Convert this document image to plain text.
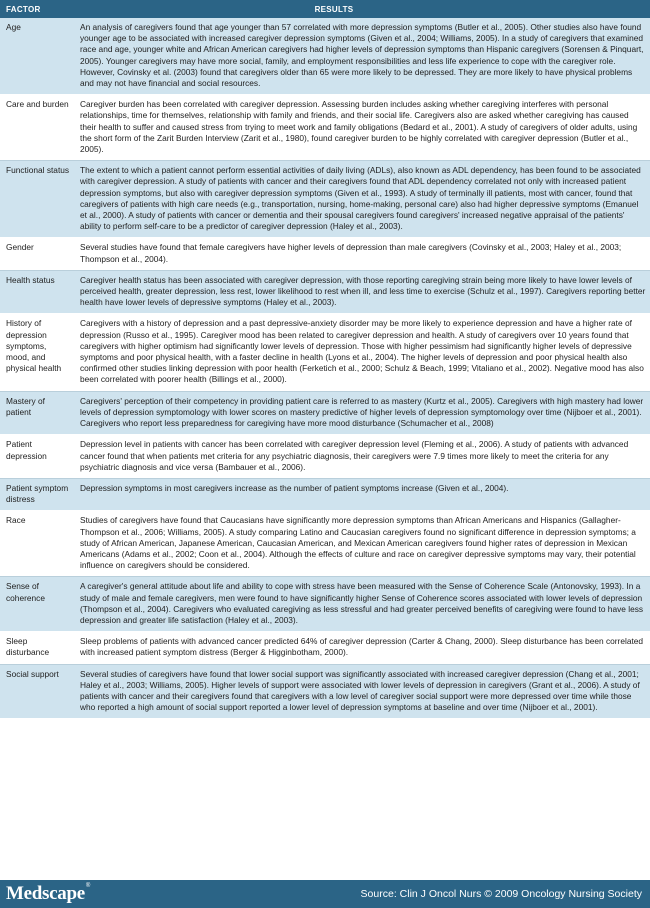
FACTOR	RESULTS
Age	An analysis of caregivers found that age younger than 57 correlated with more depression symptoms (Butler et al., 2005). Other studies also have found younger age to be associated with increased caregiver depression symptoms (Given et al., 2004; Williams, 2005). In a study of caregivers that examined race and age, younger white and African American caregivers had higher levels of depression symptoms than Hispanic caregivers (Sorensen & Pinquart, 2005). Younger caregivers may have more social, family, and employment responsibilities and less life experience to cope with the caregiver role. However, Covinsky et al. (2003) found that caregivers older than 65 were more likely to be depressed. They are more likely to have physical problems and may not have financial and social resources.
Care and burden	Caregiver burden has been correlated with caregiver depression. Assessing burden includes asking whether caregiving interferes with personal relationships, time for themselves, relationship with family and friends, and their social life. Caregivers also are asked whether caregiving has caused their health to suffer and caused stress from trying to meet work and family obligations (Bedard et al., 2001). A study of caregivers of older adults, using the short form of the Zarit Burden Interview (Zarit et al., 1980), found caregiver burden to be highly correlated with caregiver depression (Butler et al., 2005).
Functional status	The extent to which a patient cannot perform essential activities of daily living (ADLs), also known as ADL dependency, has been found to be associated with caregiver depression. A study of patients with cancer and their caregivers found that ADL dependency correlated not only with increased patient depression symptoms, but also with caregiver depression symptoms (Given et al., 1993). A study of terminally ill patients, most with cancer, found that caregivers of patients with high care needs (e.g., transportation, nursing, home-making, personal care) also had higher depressive symptoms (Emanuel et al., 2000). A study of patients with cancer or dementia and their spousal caregivers found caregivers' increased negative appraisal of the patients' ability to perform self-care to be a predictor of caregiver depression (Haley et al., 2003).
Gender	Several studies have found that female caregivers have higher levels of depression than male caregivers (Covinsky et al., 2003; Haley et al., 2003; Thompson et al., 2004).
Health status	Caregiver health status has been associated with caregiver depression, with those reporting caregiving strain being more likely to have lower levels of perceived health, greater depression, less rest, lower likelihood to rest when ill, and less time to exercise (Schulz et al., 1997). Caregivers reporting better health have lower levels of depressive symptoms (Haley et al., 2003).
History of depression symptoms, mood, and physical health	Caregivers with a history of depression and a past depressive-anxiety disorder may be more likely to experience depression and have a higher rate of depression (Russo et al., 1995). Caregiver mood has been related to caregiver depression and health. A study of caregivers over 10 years found that caregivers with higher optimism had significantly lower levels of depression. Those with higher pessimism had significantly higher levels of depressive symptoms and poor physical health, with a faster decline in health (Lyons et al., 2004). The higher levels of depression and poor physical health also confirmed other studies linking depression with poor health (Ferketich et al., 2000; Schulz & Beach, 1999; Vitaliano et al., 2002). Negative mood has also been correlated with poorer health (Billings et al., 2000).
Mastery of patient	Caregivers' perception of their competency in providing patient care is referred to as mastery (Kurtz et al., 2005). Caregivers with high mastery had lower levels of depression symptomology with lower scores on mastery predictive of higher levels of depression symptomology over time (Nijboer et al., 2001). Caregivers who report less preparedness for caregiving have more mood disturbance (Schumacher et al., 2008)
Patient depression	Depression level in patients with cancer has been correlated with caregiver depression level (Fleming et al., 2006). A study of patients with advanced cancer found that when patients met criteria for any psychiatric diagnosis, their caregivers were 7.9 times more likely to meet the criteria for any psychiatric diagnosis and vice versa (Bambauer et al., 2006).
Patient symptom distress	Depression symptoms in most caregivers increase as the number of patient symptoms increase (Given et al., 2004).
Race	Studies of caregivers have found that Caucasians have significantly more depression symptoms than African Americans and Hispanics (Gallagher-Thompson et al., 2006; Williams, 2005). A study comparing Latino and Caucasian caregivers found no significant difference in depression symptoms; a study of African American, Japanese American, Caucasian American, and Mexican American caregivers found higher rates of depression in Mexican Americans (Adams et al., 2002; Coon et al., 2004). Although the effects of culture and race on caregiver depressive symptoms may vary, their potential influence on caregivers should be considered.
Sense of coherence	A caregiver's general attitude about life and ability to cope with stress have been measured with the Sense of Coherence Scale (Antonovsky, 1993). In a study of male and female caregivers, men were found to have significantly higher Sense of Coherence scores associated with lower levels of depression (Thompson et al., 2004). Caregivers who evaluated caregiving as less stressful and had greater perceived benefits of caregiving were found to have less depression and greater life satisfaction (Haley et al., 2003).
Sleep disturbance	Sleep problems of patients with advanced cancer predicted 64% of caregiver depression (Carter & Chang, 2000). Sleep disturbance has been correlated with increased patient symptom distress (Berger & Higginbotham, 2000).
Social support	Several studies of caregivers have found that lower social support was significantly associated with increased caregiver depression (Chang et al., 2001; Haley et al., 2003; Williams, 2005). Higher levels of support were associated with lower levels of depression in caregivers (Grant et al., 2006). A study of patients with cancer and their caregivers found that caregivers with a low level of caregiver social support were more depressed over time while those who reported a high amount of social support reported a lower level of depression symptoms at baseline and over time (Nijboer et al., 2001).
Medscape®
Source: Clin J Oncol Nurs © 2009 Oncology Nursing Society
